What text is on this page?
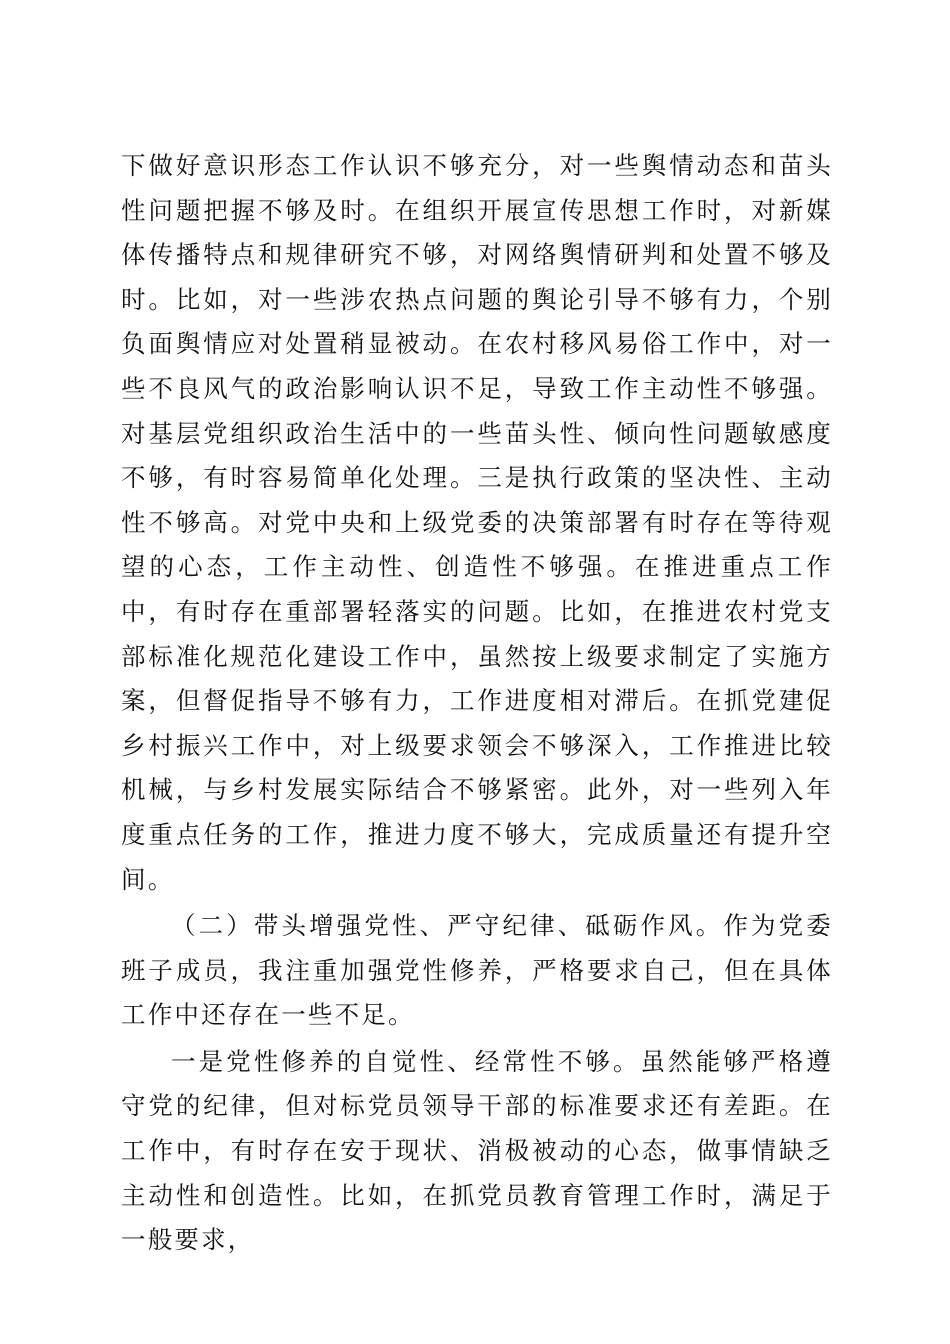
下做好意识形态工作认识不够充分，对一些舆情动态和苗头性问题把握不够及时。在组织开展宣传思想工作时，对新媒体传播特点和规律研究不够，对网络舆情研判和处置不够及时。比如，对一些涉农热点问题的舆论引导不够有力，个别负面舆情应对处置稍显被动。在农村移风易俗工作中，对一些不良风气的政治影响认识不足，导致工作主动性不够强。对基层党组织政治生活中的一些苗头性、倾向性问题敏感度不够，有时容易简单化处理。三是执行政策的坚决性、主动性不够高。对党中央和上级党委的决策部署有时存在等待观望的心态，工作主动性、创造性不够强。在推进重点工作中，有时存在重部署轻落实的问题。比如，在推进农村党支部标准化规范化建设工作中，虽然按上级要求制定了实施方案，但督促指导不够有力，工作进度相对滞后。在抓党建促乡村振兴工作中，对上级要求领会不够深入，工作推进比较机械，与乡村发展实际结合不够紧密。此外，对一些列入年度重点任务的工作，推进力度不够大，完成质量还有提升空间。

（二）带头增强党性、严守纪律、砥砺作风。作为党委班子成员，我注重加强党性修养，严格要求自己，但在具体工作中还存在一些不足。

一是党性修养的自觉性、经常性不够。虽然能够严格遵守党的纪律，但对标党员领导干部的标准要求还有差距。在工作中，有时存在安于现状、消极被动的心态，做事情缺乏主动性和创造性。比如，在抓党员教育管理工作时，满足于一般要求，
